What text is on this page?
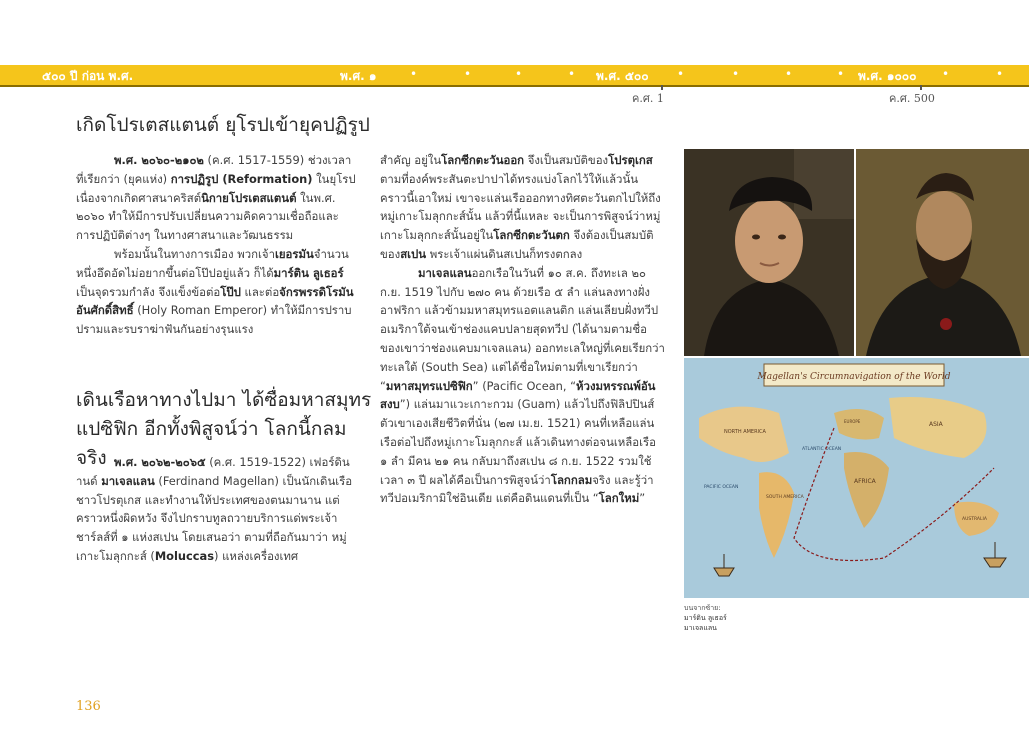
๕๐๐ ปี ก่อน พ.ศ.	พ.ศ. ๑	•	•	•	• พ.ศ. ๕๐๐ •	•	•	• พ.ศ. ๑๐๐๐ •	•
ค.ศ. 1	ค.ศ. 500
เกิดโปรเตสแตนต์ ยุโรปเข้ายุคปฏิรูป

พ.ศ. ๒๐๖๐-๒๑๐๒ (ค.ศ. 1517-1559) ช่วงเวลาที่เรียกว่า (ยุคแห่ง) การปฏิรูป (Reformation) ในยุโรป เนื่องจากเกิดศาสนาคริสต์นิกายโปรเตสแตนต์ ในพ.ศ. ๒๐๖๐ ทำให้มีการปรับเปลี่ยนความคิดความเชื่อถือและการปฏิบัติต่างๆ ในทางศาสนาและวัฒนธรรม

พร้อมนั้นในทางการเมือง พวกเจ้าเยอรมันจำนวนหนึ่งอึดอัดไม่อยากขึ้นต่อโป๊ปอยู่แล้ว ก็ได้มาร์ติน ลูเธอร์ เป็นจุดรวมกำลัง จึงแข็งข้อต่อโป๊ป และต่อจักรพรรดิโรมันอันศักดิ์สิทธิ์ (Holy Roman Emperor) ทำให้มีการปราบปรามและรบราฆ่าฟันกันอย่างรุนแรง

เดินเรือหาทางไปมา ได้ซื่อมหาสมุทร
แปซิฟิก อีกทั้งพิสูจน์ว่า โลกนี้กลมจริง พ.ศ. ๒๐๖๒-๒๐๖๕ (ค.ศ. 1519-1522) เฟอร์ดินานด์ มาเจลแลน (Ferdinand Magellan) เป็นนักเดินเรือชาวโปรตุเกส และทำงานให้ประเทศของตนมานาน แต่คราวหนึ่งผิดหวัง จึงไปกราบทูลถวายบริการแด่พระเจ้าชาร์ลส์ที่ ๑ แห่งสเปน โดยเสนอว่า ตามที่ถือกันมาว่า หมู่เกาะโมลุกกะส์ (Moluccas) แหล่งเครื่องเทศ

สำคัญ อยู่ในโลกซีกตะวันออก จึงเป็นสมบัติของโปรตุเกส ตามที่องค์พระสันตะปาปาได้ทรงแบ่งโลกไว้ให้แล้วนั้น คราวนี้เอาใหม่ เขาจะแล่นเรือออกทางทิศตะวันตกไปให้ถึงหมู่เกาะโมลุกกะส์นั้น แล้วที่นี้แหละ จะเป็นการพิสูจน์ว่าหมู่เกาะโมลุกกะส์นั้นอยู่ในโลกซีกตะวันตก จึงต้องเป็นสมบัติของสเปน พระเจ้าแผ่นดินสเปนก็ทรงตกลง

มาเจลแลนออกเรือในวันที่ ๑๐ ส.ค. ถึงทะเล ๒๐ ก.ย. 1519 ไปกับ ๒๗๐ คน ด้วยเรือ ๕ ลำ แล่นลงทางฝั่งอาฟริกา แล้วข้ามมหาสมุทรแอตแลนติก แล่นเลียบฝั่งทวีปอเมริกาใต้จนเข้าช่องแคบปลายสุดทวีป (ได้นามตามชื่อของเขาว่าช่องแคบมาเจลแลน) ออกทะเลใหญ่ที่เคยเรียกว่าทะเลใต้ (South Sea) แต่ได้ชื่อใหม่ตามที่เขาเรียกว่า “มหาสมุทรแปซิฟิก” (Pacific Ocean, “ห้วงมหรรณพ์อันสงบ”) แล่นมาแวะเกาะกวม (Guam) แล้วไปถึงฟิลิปปินส์ ตัวเขาเองเสียชีวิตที่นั่น (๒๗ เม.ย. 1521) คนที่เหลือแล่นเรือต่อไปถึงหมู่เกาะโมลุกกะส์ แล้วเดินทางต่อจนเหลือเรือ ๑ ลำ มีคน ๒๑ คน กลับมาถึงสเปน ๘ ก.ย. 1522 รวมใช้เวลา ๓ ปี ผลได้คือเป็นการพิสูจน์ว่าโลกกลมจริง และรู้ว่าทวีปอเมริกามิใช่อินเดีย แต่คือดินแดนที่เป็น “โลกใหม่”

Magellan's Circumnavigation of the World
NORTH AMERICA
ASIA
EUROPE
AFRICA
SOUTH AMERICA
AUSTRALIA
PACIFIC OCEAN
ATLANTIC OCEAN
บนจากซ้าย:
มาร์ติน ลูเธอร์
มาเจลแลน
136
